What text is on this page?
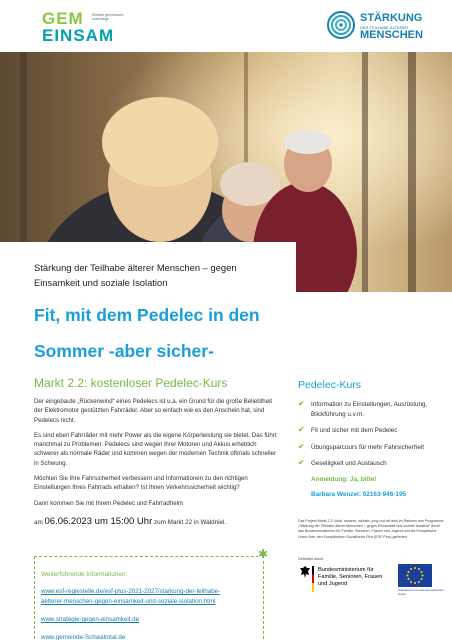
GEM
EINSAM
Einfach gemeinsam unterwegs	STÄRKUNG
DER TEILHABE ÄLTERER
MENSCHEN
Stärkung der Teilhabe älterer Menschen – gegen Einsamkeit und soziale Isolation
Fit, mit dem Pedelec in den
Sommer -aber sicher-
Markt 2.2: kostenloser Pedelec-Kurs

Der eingebaute „Rückenwind“ eines Pedelecs ist u.a. ein Grund für die große Beliebtheit der Elektromotor gestützten Fahrräder. Aber so einfach wie es den Anschein hat, sind Pedelecs nicht.

Es sind eben Fahrräder mit mehr Power als die eigene Körperleistung sie bietet. Das führt manchmal zu Problemen: Pedelecs sind wegen ihrer Motoren und Akkus erheblich schwerer als normale Räder und kommen wegen der modernen Technik oftmals schneller in Schwung.

Möchten Sie Ihre Fahrsicherheit verbessern und Informationen zu den richtigen Einstellungen Ihres Fahrrads erhalten? Ist Ihnen Verkehrssicherheit wichtig?

Dann kommen Sie mit Ihrem Pedelec und Fahrradhelm

am 06.06.2023 um 15:00 Uhr zum Markt 22 in Waldniel.

✱
Weiterführende Informationen:
www.esf-regiestelle.de/esf-plus-2021-2027/starkung-der-teilhabe-
aelterer-menschen-gegen-einsamkeit-und-soziale-isolation.html
www.strategie-gegen-einsamkeit.de
www.gemeinde-Schwalmtal.de
Pedelec-Kurs
✔ Information zu Einstellungen, Ausrüstung, Blickführung u.v.m.
✔ Fit und sicher mit dem Pedelec
✔ Übungsparcours für mehr Fahrsicherheit
✔ Geselligkeit und Austausch
Anmeldung: Ja, bitte!
Barbara Wenzel: 02163-946-195
Das Projekt Markt 2.2: lokal, modern, inklusiv, jung und alt wird im Rahmen des Programms „Stärkung der Teilhabe älterer Menschen – gegen Einsamkeit und soziale Isolation“ durch das Bundesministerium für Familie, Senioren, Frauen und Jugend und die Europäische Union über den Europäischen Sozialfonds Plus (ESF Plus) gefördert.
Gefördert durch:
Bundesministerium für Familie, Senioren, Frauen und Jugend
Kofinanziert von der Europäischen Union
